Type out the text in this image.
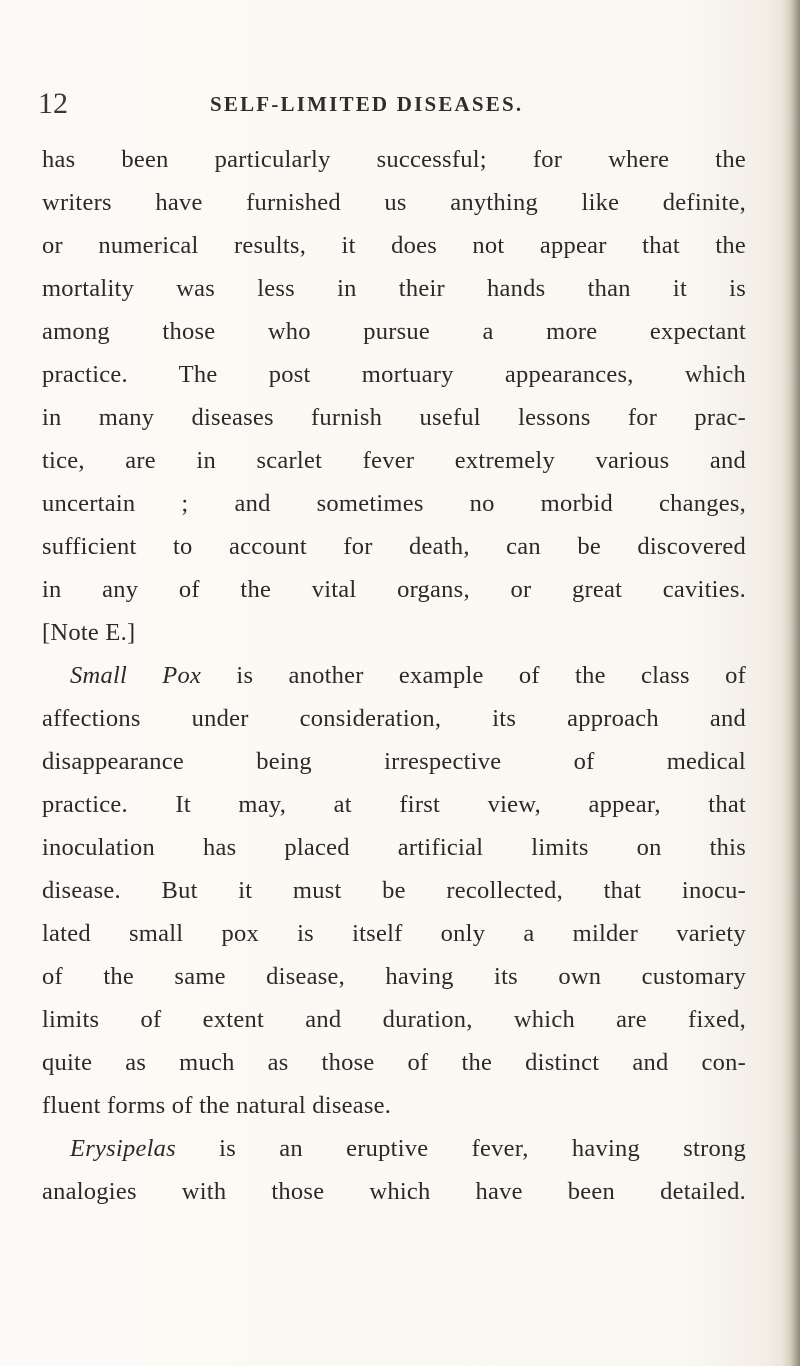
12	SELF-LIMITED DISEASES.
has been particularly successful; for where the
writers have furnished us anything like definite,
or numerical results, it does not appear that the
mortality was less in their hands than it is
among those who pursue a more expectant
practice. The post mortuary appearances, which
in many diseases furnish useful lessons for prac-
tice, are in scarlet fever extremely various and
uncertain ; and sometimes no morbid changes,
sufficient to account for death, can be discovered
in any of the vital organs, or great cavities.
[Note E.]
Small Pox is another example of the class of
affections under consideration, its approach and
disappearance being irrespective of medical
practice. It may, at first view, appear, that
inoculation has placed artificial limits on this
disease. But it must be recollected, that inocu-
lated small pox is itself only a milder variety
of the same disease, having its own customary
limits of extent and duration, which are fixed,
quite as much as those of the distinct and con-
fluent forms of the natural disease.
Erysipelas is an eruptive fever, having strong
analogies with those which have been detailed.
